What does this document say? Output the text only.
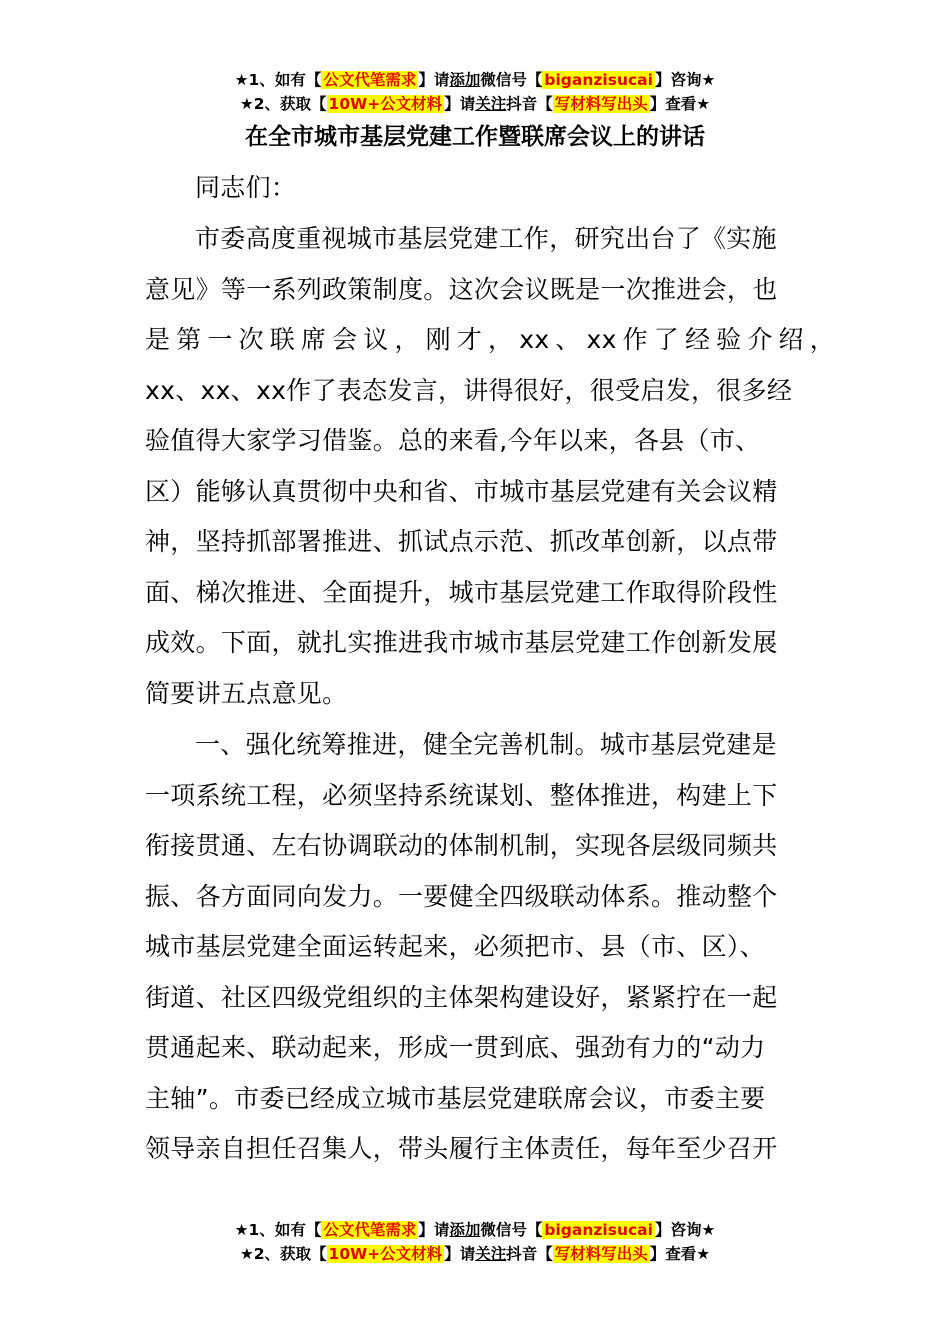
★1、如有【 公文代笔需求 】请添加微信号【 biganzisucai 】咨询★
★2、获取【 10W+公文材料 】请关注抖音【 写材料写出头 】查看★
在全市城市基层党建工作暨联席会议上的讲话
同志们：
市委高度重视城市基层党建工作，研究出台了《实施
意见》等一系列政策制度。这次会议既是一次推进会，也
是第一次联席会议，刚才，xx、xx作了经验介绍，
xx、xx、xx作了表态发言，讲得很好，很受启发，很多经
验值得大家学习借鉴。总的来看,今年以来，各县（市、
区）能够认真贯彻中央和省、市城市基层党建有关会议精
神，坚持抓部署推进、抓试点示范、抓改革创新，以点带
面、梯次推进、全面提升，城市基层党建工作取得阶段性
成效。下面，就扎实推进我市城市基层党建工作创新发展
简要讲五点意见。
一、强化统筹推进，健全完善机制。城市基层党建是
一项系统工程，必须坚持系统谋划、整体推进，构建上下
衔接贯通、左右协调联动的体制机制，实现各层级同频共
振、各方面同向发力。一要健全四级联动体系。推动整个
城市基层党建全面运转起来，必须把市、县（市、区）、
街道、社区四级党组织的主体架构建设好，紧紧拧在一起
贯通起来、联动起来，形成一贯到底、强劲有力的“动力
主轴”。市委已经成立城市基层党建联席会议，市委主要
领导亲自担任召集人，带头履行主体责任，每年至少召开
★1、如有【 公文代笔需求 】请添加微信号【 biganzisucai 】咨询★
★2、获取【 10W+公文材料 】请关注抖音【 写材料写出头 】查看★
